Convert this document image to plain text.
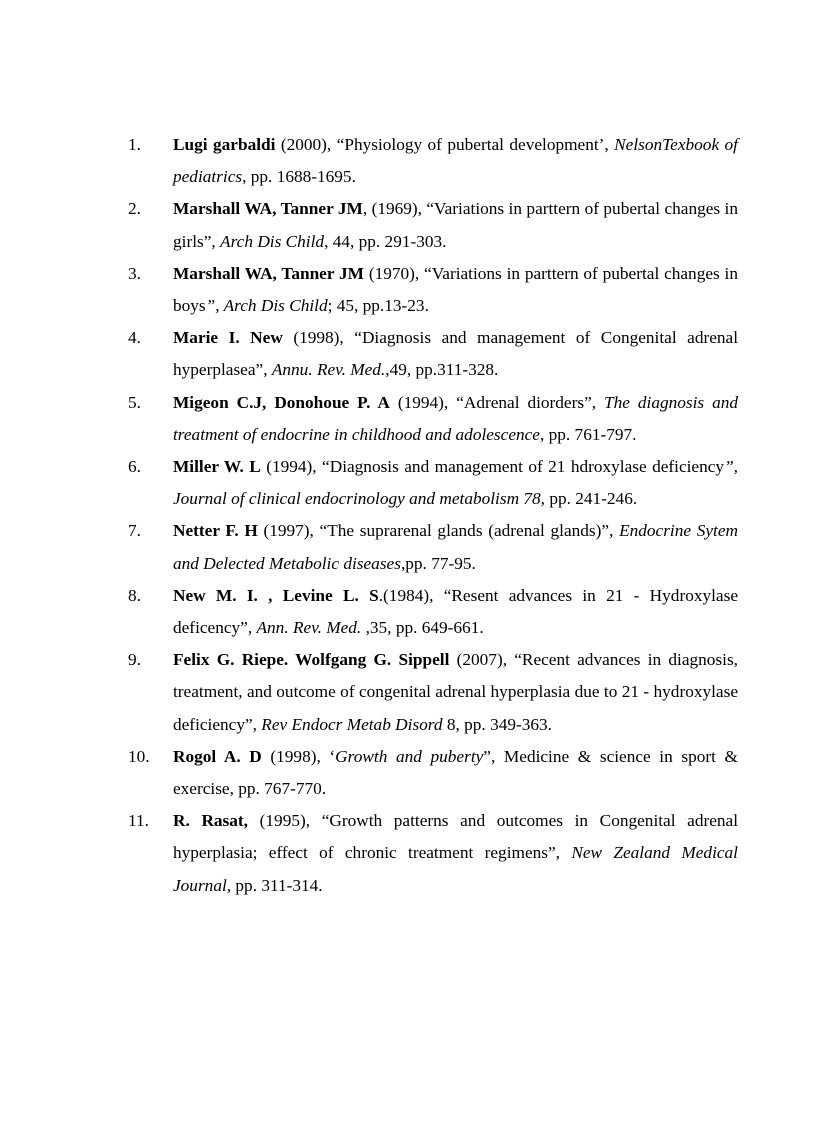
1.	Lugi garbaldi (2000), “Physiology of pubertal development’, NelsonTexbook of pediatrics, pp. 1688-1695.
2.	Marshall WA, Tanner JM, (1969), “Variations in parttern of pubertal changes in girls”, Arch Dis Child, 44, pp. 291-303.
3.	Marshall WA, Tanner JM (1970), “Variations in parttern of pubertal changes in boys”, Arch Dis Child; 45, pp.13-23.
4.	Marie I. New (1998), “Diagnosis and management of Congenital adrenal hyperplasea”, Annu. Rev. Med.,49, pp.311-328.
5.	Migeon C.J, Donohoue P. A (1994), “Adrenal diorders”, The diagnosis and treatment of endocrine in childhood and adolescence, pp. 761-797.
6.	Miller W. L (1994), “Diagnosis and management of 21 hdroxylase deficiency”, Journal of clinical endocrinology and metabolism 78, pp. 241-246.
7.	Netter F. H (1997), “The suprarenal glands (adrenal glands)”, Endocrine Sytem and Delected Metabolic diseases,pp. 77-95.
8.	New M. I. , Levine L. S.(1984), “Resent advances in 21 - Hydroxylase deficency”, Ann. Rev. Med. ,35, pp. 649-661.
9.	Felix G. Riepe. Wolfgang G. Sippell (2007), “Recent advances in diagnosis, treatment, and outcome of congenital adrenal hyperplasia due to 21 - hydroxylase deficiency”, Rev Endocr Metab Disord 8, pp. 349-363.
10.	Rogol A. D (1998), ‘Growth and puberty”, Medicine & science in sport & exercise, pp. 767-770.
11.	R. Rasat, (1995), “Growth patterns and outcomes in Congenital adrenal hyperplasia; effect of chronic treatment regimens”, New Zealand Medical Journal, pp. 311-314.
